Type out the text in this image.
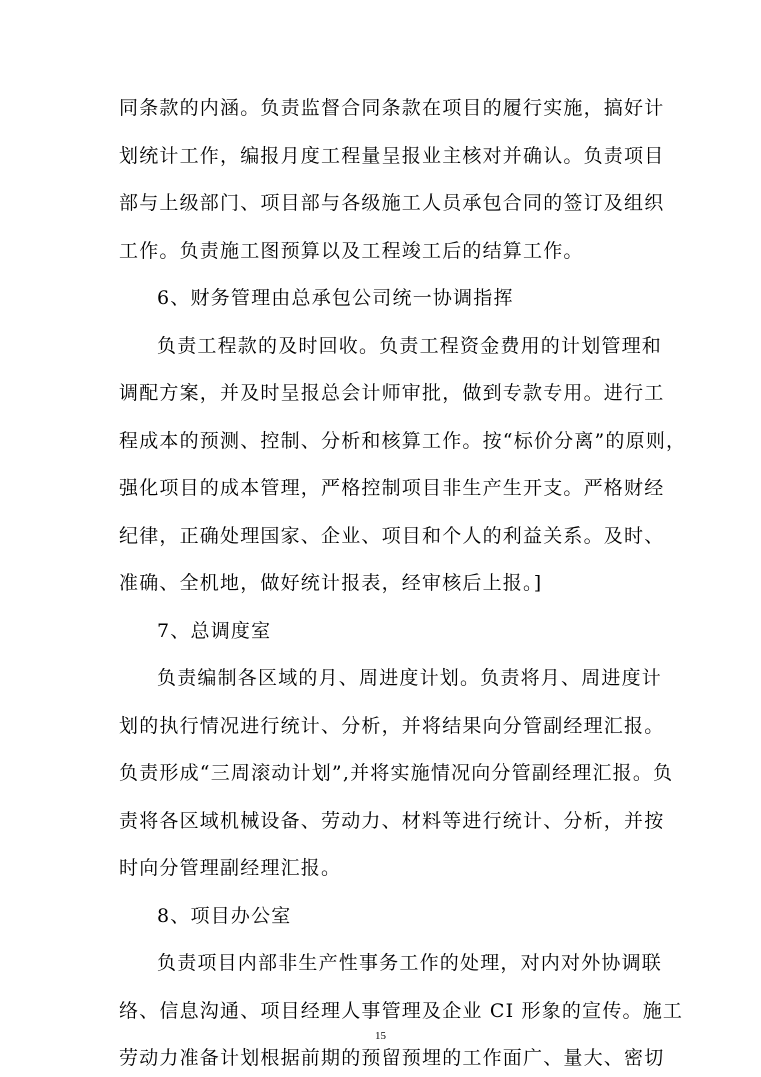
同条款的内涵。负责监督合同条款在项目的履行实施，搞好计
划统计工作，编报月度工程量呈报业主核对并确认。负责项目
部与上级部门、项目部与各级施工人员承包合同的签订及组织
工作。负责施工图预算以及工程竣工后的结算工作。
6、财务管理由总承包公司统一协调指挥
负责工程款的及时回收。负责工程资金费用的计划管理和
调配方案，并及时呈报总会计师审批，做到专款专用。进行工
程成本的预测、控制、分析和核算工作。按“标价分离”的原则，
强化项目的成本管理，严格控制项目非生产生开支。严格财经
纪律，正确处理国家、企业、项目和个人的利益关系。及时、
准确、全机地，做好统计报表，经审核后上报。]
7、总调度室
负责编制各区域的月、周进度计划。负责将月、周进度计
划的执行情况进行统计、分析，并将结果向分管副经理汇报。
负责形成“三周滚动计划”,并将实施情况向分管副经理汇报。负
责将各区域机械设备、劳动力、材料等进行统计、分析，并按
时向分管理副经理汇报。
8、项目办公室
负责项目内部非生产性事务工作的处理，对内对外协调联
络、信息沟通、项目经理人事管理及企业 CI 形象的宣传。施工
劳动力准备计划根据前期的预留预埋的工作面广、量大、密切
15
